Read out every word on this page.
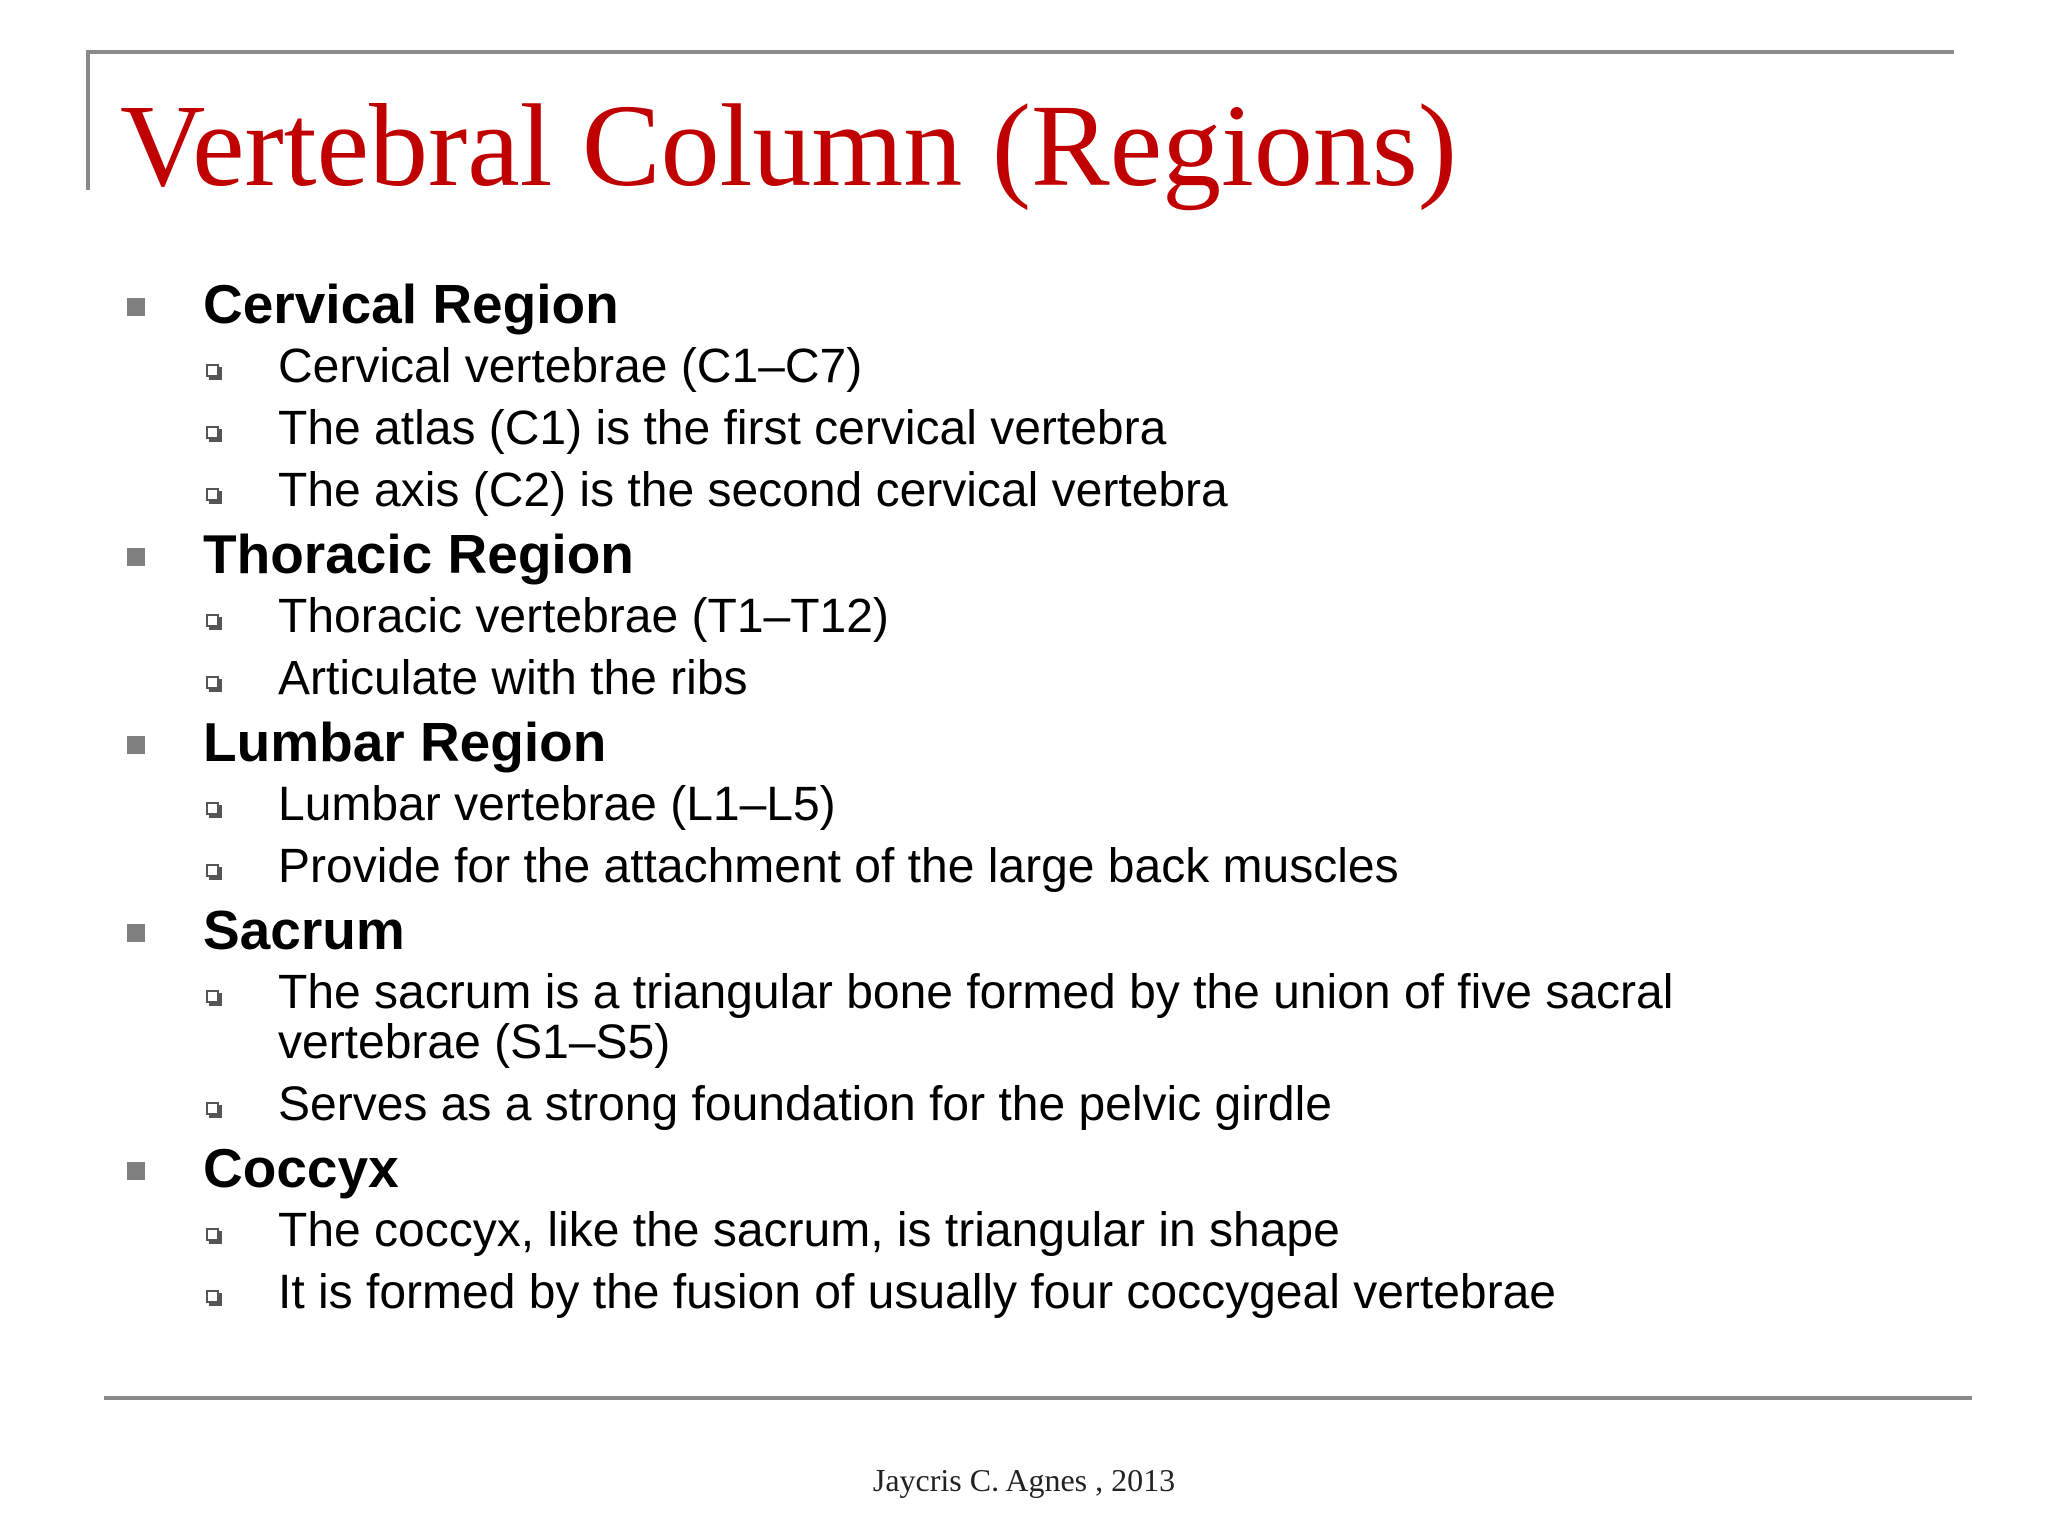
Vertebral Column (Regions)
Cervical Region
Cervical vertebrae (C1–C7)
The atlas (C1) is the first cervical vertebra
The axis (C2) is the second cervical vertebra
Thoracic Region
Thoracic vertebrae (T1–T12)
Articulate with the ribs
Lumbar Region
Lumbar vertebrae (L1–L5)
Provide for the attachment of the large back muscles
Sacrum
The sacrum is a triangular bone formed by the union of five sacral vertebrae (S1–S5)
Serves as a strong foundation for the pelvic girdle
Coccyx
The coccyx, like the sacrum, is triangular in shape
It is formed by the fusion of usually four coccygeal vertebrae
Jaycris C. Agnes , 2013
